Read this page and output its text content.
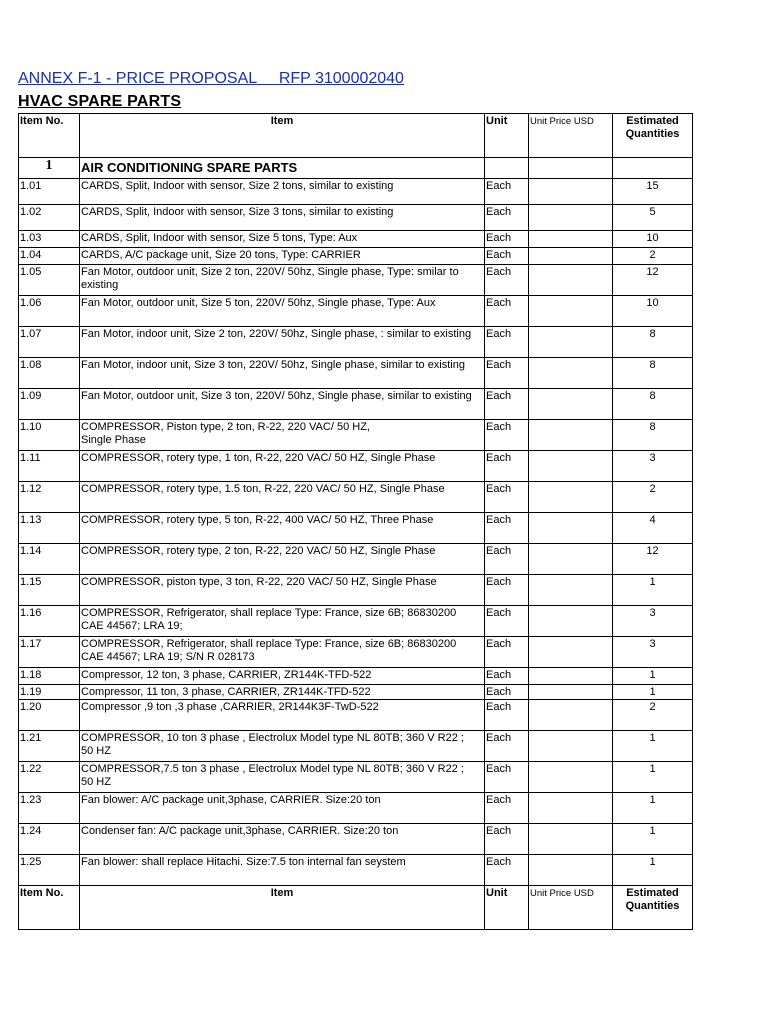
ANNEX F-1 - PRICE PROPOSAL RFP 3100002040
HVAC SPARE PARTS
Item No.	Item	Unit	Unit Price USD	Estimated
Quantities
1	AIR CONDITIONING SPARE PARTS			
1.01	CARDS, Split, Indoor with sensor, Size 2 tons, similar to existing	Each		15
1.02	CARDS, Split, Indoor with sensor, Size 3 tons, similar to existing	Each		5
1.03	CARDS, Split, Indoor with sensor, Size 5 tons, Type: Aux	Each		10
1.04	CARDS, A/C package unit, Size 20 tons, Type: CARRIER	Each		2
1.05	Fan Motor, outdoor unit, Size 2 ton, 220V/ 50hz, Single phase, Type: smilar to existing	Each		12
1.06	Fan Motor, outdoor unit, Size 5 ton, 220V/ 50hz, Single phase, Type: Aux	Each		10
1.07	Fan Motor, indoor unit, Size 2 ton, 220V/ 50hz, Single phase, : similar to existing	Each		8
1.08	Fan Motor, indoor unit, Size 3 ton, 220V/ 50hz, Single phase, similar to existing	Each		8
1.09	Fan Motor, outdoor unit, Size 3 ton, 220V/ 50hz, Single phase, similar to existing	Each		8
1.10	COMPRESSOR, Piston type, 2 ton, R-22, 220 VAC/ 50 HZ,
Single Phase	Each		8
1.11	COMPRESSOR, rotery type, 1 ton, R-22, 220 VAC/ 50 HZ, Single Phase	Each		3
1.12	COMPRESSOR, rotery type, 1.5 ton, R-22, 220 VAC/ 50 HZ, Single Phase	Each		2
1.13	COMPRESSOR, rotery type, 5 ton, R-22, 400 VAC/ 50 HZ, Three Phase	Each		4
1.14	COMPRESSOR, rotery type, 2 ton, R-22, 220 VAC/ 50 HZ, Single Phase	Each		12
1.15	COMPRESSOR, piston type, 3 ton, R-22, 220 VAC/ 50 HZ, Single Phase	Each		1
1.16	COMPRESSOR, Refrigerator, shall replace Type: France, size 6B; 86830200
CAE 44567; LRA 19;	Each		3
1.17	COMPRESSOR, Refrigerator, shall replace Type: France, size 6B; 86830200
CAE 44567; LRA 19; S/N R 028173	Each		3
1.18	Compressor, 12 ton, 3 phase, CARRIER, ZR144K-TFD-522	Each		1
1.19	Compressor, 11 ton, 3 phase, CARRIER, ZR144K-TFD-522	Each		1
1.20	Compressor ,9 ton ,3 phase ,CARRIER, 2R144K3F-TwD-522	Each		2
1.21	COMPRESSOR, 10 ton 3 phase , Electrolux Model type NL 80TB; 360 V R22 ;
50 HZ	Each		1
1.22	COMPRESSOR,7.5 ton 3 phase , Electrolux Model type NL 80TB; 360 V R22 ;
50 HZ	Each		1
1.23	Fan blower: A/C package unit,3phase, CARRIER. Size:20 ton	Each		1
1.24	Condenser fan: A/C package unit,3phase, CARRIER. Size:20 ton	Each		1
1.25	Fan blower: shall replace Hitachi. Size:7.5 ton internal fan seystem	Each		1
Item No.	Item	Unit	Unit Price USD	Estimated
Quantities
